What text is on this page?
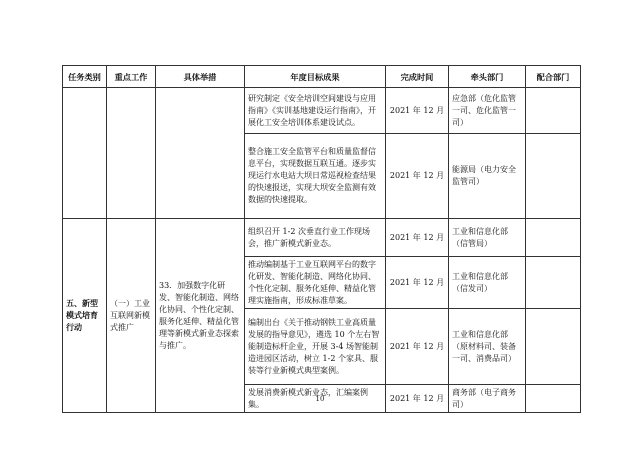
任务类别	重点工作	具体举措	年度目标成果	完成时间	牵头部门	配合部门
			研究制定《安全培训空间建设与应用指南》《实训基地建设运行指南》，开展化工安全培训体系建设试点。	2021 年 12 月	应急部（危化监管一司、危化监管一司）	
			整合施工安全监管平台和质量监督信息平台，实现数据互联互通。逐步实现运行水电站大坝日常巡视检查结果的快速报送，实现大坝安全监测有效数据的快速提取。	2021 年 12 月	能源局（电力安全监管司）	
五、新型模式培育行动	（一）工业互联网新模式推广	33．加强数字化研发、智能化制造、网络化协同、个性化定制、服务化延伸、精益化管理等新模式新业态探索与推广。	组织召开 1-2 次垂直行业工作现场会，推广新模式新业态。	2021 年 12 月	工业和信息化部（信管局）	
			推动编制基于工业互联网平台的数字化研发、智能化制造、网络化协同、个性化定制、服务化延伸、精益化管理实施指南，形成标准草案。	2021 年 12 月	工业和信息化部（信发司）	
			编制出台《关于推动钢铁工业高质量发展的指导意见》，遴选 10 个左右智能制造标杆企业，开展 3-4 场智能制造进园区活动，树立 1-2 个家具、服装等行业新模式典型案例。	2021 年 12 月	工业和信息化部（原材料司、装备一司、消费品司）	
			发展消费新模式新业态，汇编案例集。	2021 年 12 月	商务部（电子商务司）	
10
